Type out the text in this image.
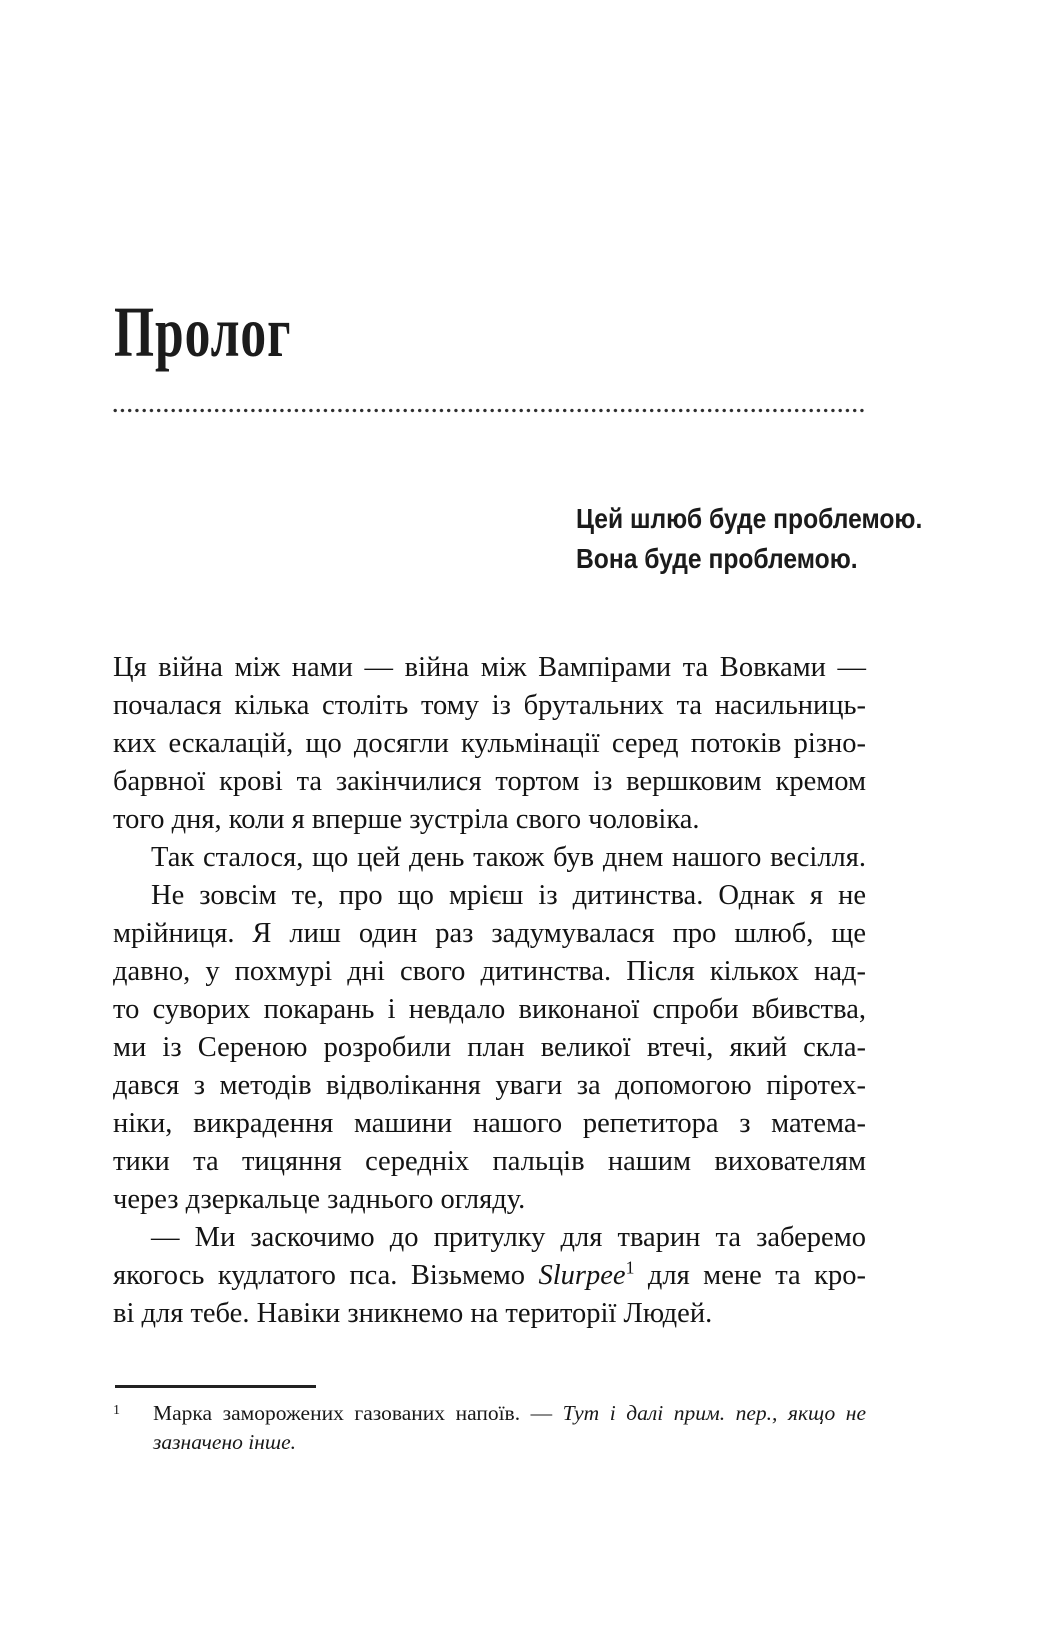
Пролог
Цей шлюб буде проблемою.
Вона буде проблемою.
Ця війна між нами — війна між Вампірами та Вовками —
почалася кілька століть тому із брутальних та насильниць-
ких ескалацій, що досягли кульмінації серед потоків різно-
барвної крові та закінчилися тортом із вершковим кремом
того дня, коли я вперше зустріла свого чоловіка.
Так сталося, що цей день також був днем нашого весілля.
Не зовсім те, про що мрієш із дитинства. Однак я не
мрійниця. Я лиш один раз задумувалася про шлюб, ще
давно, у похмурі дні свого дитинства. Після кількох над-
то суворих покарань і невдало виконаної спроби вбивства,
ми із Сереною розробили план великої втечі, який скла-
дався з методів відволікання уваги за допомогою піротех-
ніки, викрадення машини нашого репетитора з матема-
тики та тицяння середніх пальців нашим вихователям
через дзеркальце заднього огляду.
— Ми заскочимо до притулку для тварин та заберемо
якогось кудлатого пса. Візьмемо Slurpee$^1$ для мене та кро-
ві для тебе. Навіки зникнемо на території Людей.
1 Марка заморожених газованих напоїв. — Тут і далі прим. пер., якщо не
зазначено інше.
